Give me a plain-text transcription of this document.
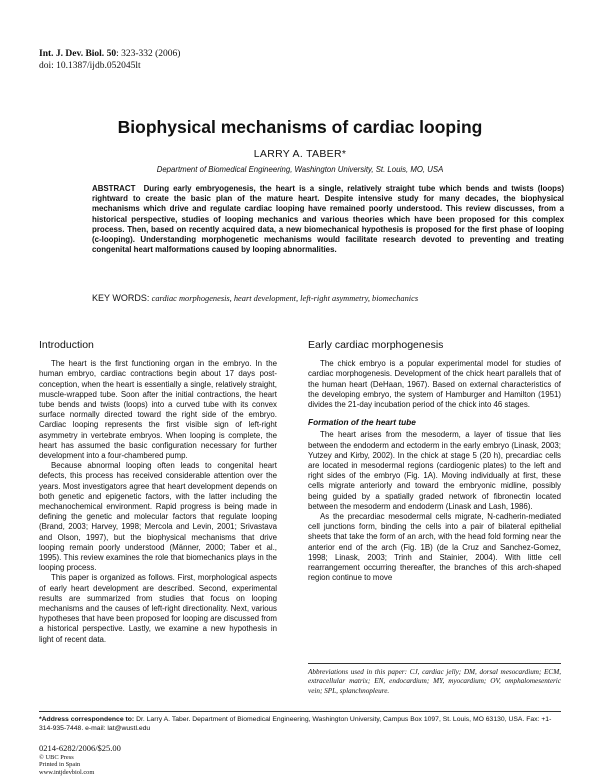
Int. J. Dev. Biol. 50: 323-332 (2006)
doi: 10.1387/ijdb.052045lt
Biophysical mechanisms of cardiac looping
LARRY A. TABER*
Department of Biomedical Engineering, Washington University, St. Louis, MO, USA
ABSTRACT During early embryogenesis, the heart is a single, relatively straight tube which bends and twists (loops) rightward to create the basic plan of the mature heart. Despite intensive study for many decades, the biophysical mechanisms which drive and regulate cardiac looping have remained poorly understood. This review discusses, from a historical perspective, studies of looping mechanics and various theories which have been proposed for this complex process. Then, based on recently acquired data, a new biomechanical hypothesis is proposed for the first phase of looping (c-looping). Understanding morphogenetic mechanisms would facilitate research devoted to preventing and treating congenital heart malformations caused by looping abnormalities.
KEY WORDS: cardiac morphogenesis, heart development, left-right asymmetry, biomechanics
Introduction

The heart is the first functioning organ in the embryo. In the human embryo, cardiac contractions begin about 17 days post-conception, when the heart is essentially a single, relatively straight, muscle-wrapped tube. Soon after the initial contractions, the heart tube bends and twists (loops) into a curved tube with its convex surface normally directed toward the right side of the embryo. Cardiac looping represents the first visible sign of left-right asymmetry in vertebrate embryos. When looping is complete, the heart has assumed the basic configuration necessary for further development into a four-chambered pump.

Because abnormal looping often leads to congenital heart defects, this process has received considerable attention over the years. Most investigators agree that heart development depends on both genetic and epigenetic factors, with the latter including the mechanochemical environment. Rapid progress is being made in defining the genetic and molecular factors that regulate looping (Brand, 2003; Harvey, 1998; Mercola and Levin, 2001; Srivastava and Olson, 1997), but the biophysical mechanisms that drive looping remain poorly understood (Männer, 2000; Taber et al., 1995). This review examines the role that biomechanics plays in the looping process.

This paper is organized as follows. First, morphological aspects of early heart development are described. Second, experimental results are summarized from studies that focus on looping mechanisms and the causes of left-right directionality. Next, various hypotheses that have been proposed for looping are discussed from a historical perspective. Lastly, we examine a new hypothesis in light of recent data.

Early cardiac morphogenesis

The chick embryo is a popular experimental model for studies of cardiac morphogenesis. Development of the chick heart parallels that of the human heart (DeHaan, 1967). Based on external characteristics of the developing embryo, the system of Hamburger and Hamilton (1951) divides the 21-day incubation period of the chick into 46 stages.

Formation of the heart tube

The heart arises from the mesoderm, a layer of tissue that lies between the endoderm and ectoderm in the early embryo (Linask, 2003; Yutzey and Kirby, 2002). In the chick at stage 5 (20 h), precardiac cells are located in mesodermal regions (cardiogenic plates) to the left and right sides of the embryo (Fig. 1A). Moving individually at first, these cells migrate anteriorly and toward the embryonic midline, possibly being guided by a spatially graded network of fibronectin located between the mesoderm and endoderm (Linask and Lash, 1986).

As the precardiac mesodermal cells migrate, N-cadherin-mediated cell junctions form, binding the cells into a pair of bilateral epithelial sheets that take the form of an arch, with the head fold forming near the anterior end of the arch (Fig. 1B) (de la Cruz and Sanchez-Gomez, 1998; Linask, 2003; Trinh and Stainier, 2004). With little cell rearrangement occurring thereafter, the branches of this arch-shaped region continue to move

Abbreviations used in this paper: CJ, cardiac jelly; DM, dorsal mesocardium; ECM, extracellular matrix; EN, endocardium; MY, myocardium; OV, omphalomesenteric vein; SPL, splanchnopleure.
*Address correspondence to: Dr. Larry A. Taber. Department of Biomedical Engineering, Washington University, Campus Box 1097, St. Louis, MO 63130, USA. Fax: +1-314-935-7448. e-mail: lat@wustl.edu
0214-6282/2006/$25.00
© UBC Press
Printed in Spain
www.intjdevbiol.com
